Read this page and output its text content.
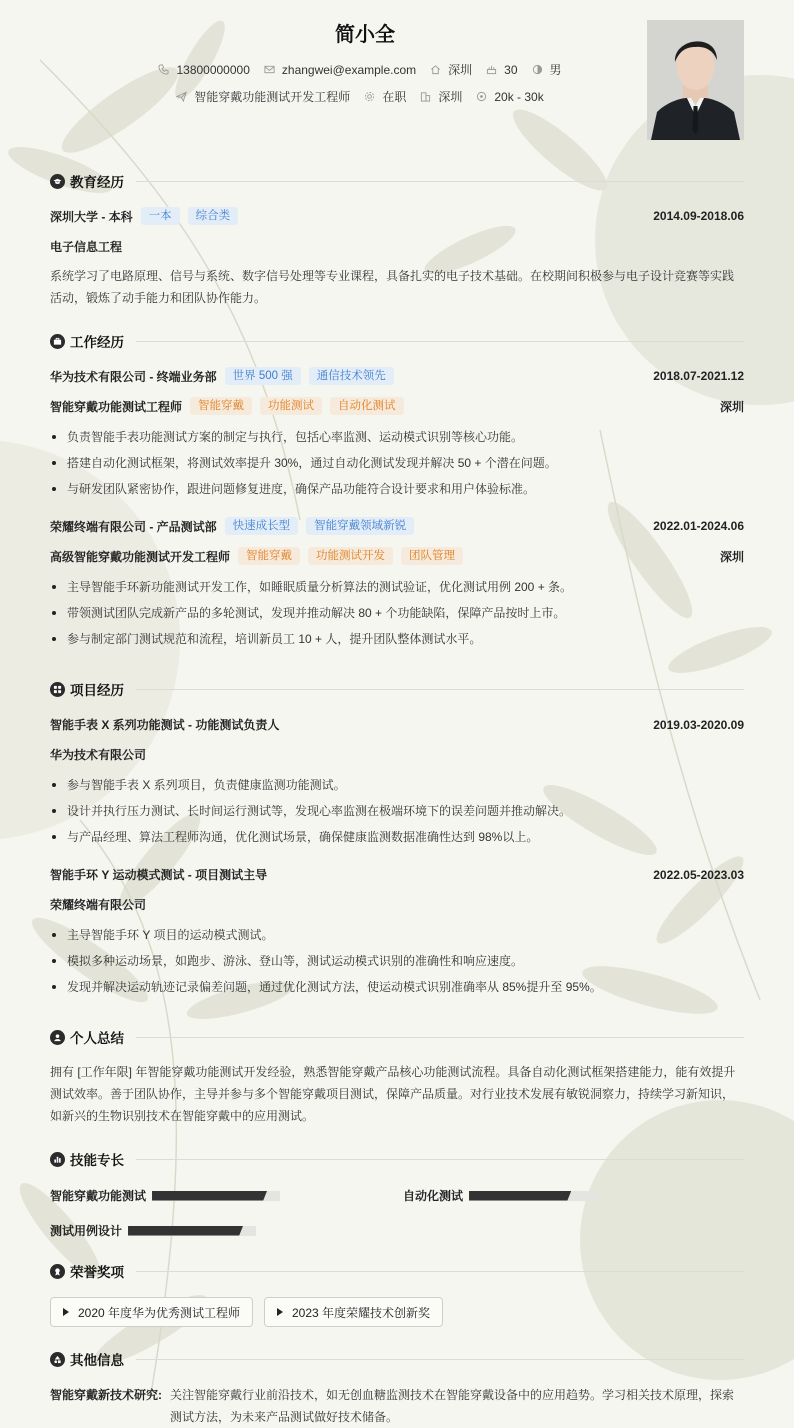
简小全
13800000000	zhangwei@example.com	深圳	30	男
智能穿戴功能测试开发工程师	在职	深圳	20k - 30k
教育经历
深圳大学 - 本科	一本	综合类	2014.09-2018.06
电子信息工程
系统学习了电路原理、信号与系统、数字信号处理等专业课程，具备扎实的电子技术基础。在校期间积极参与电子设计竞赛等实践活动，锻炼了动手能力和团队协作能力。
工作经历
华为技术有限公司 - 终端业务部	世界 500 强	通信技术领先	2018.07-2021.12
智能穿戴功能测试工程师	智能穿戴	功能测试	自动化测试	深圳
负责智能手表功能测试方案的制定与执行，包括心率监测、运动模式识别等核心功能。
搭建自动化测试框架，将测试效率提升 30%，通过自动化测试发现并解决 50 + 个潜在问题。
与研发团队紧密协作，跟进问题修复进度，确保产品功能符合设计要求和用户体验标准。
荣耀终端有限公司 - 产品测试部	快速成长型	智能穿戴领域新锐	2022.01-2024.06
高级智能穿戴功能测试开发工程师	智能穿戴	功能测试开发	团队管理	深圳
主导智能手环新功能测试开发工作，如睡眠质量分析算法的测试验证，优化测试用例 200 + 条。
带领测试团队完成新产品的多轮测试，发现并推动解决 80 + 个功能缺陷，保障产品按时上市。
参与制定部门测试规范和流程，培训新员工 10 + 人，提升团队整体测试水平。
项目经历
智能手表 X 系列功能测试 - 功能测试负责人	2019.03-2020.09
华为技术有限公司
参与智能手表 X 系列项目，负责健康监测功能测试。
设计并执行压力测试、长时间运行测试等，发现心率监测在极端环境下的误差问题并推动解决。
与产品经理、算法工程师沟通，优化测试场景，确保健康监测数据准确性达到 98%以上。
智能手环 Y 运动模式测试 - 项目测试主导	2022.05-2023.03
荣耀终端有限公司
主导智能手环 Y 项目的运动模式测试。
模拟多种运动场景，如跑步、游泳、登山等，测试运动模式识别的准确性和响应速度。
发现并解决运动轨迹记录偏差问题，通过优化测试方法，使运动模式识别准确率从 85%提升至 95%。
个人总结
拥有 [工作年限] 年智能穿戴功能测试开发经验，熟悉智能穿戴产品核心功能测试流程。具备自动化测试框架搭建能力，能有效提升测试效率。善于团队协作，主导并参与多个智能穿戴项目测试，保障产品质量。对行业技术发展有敏锐洞察力，持续学习新知识，如新兴的生物识别技术在智能穿戴中的应用测试。
技能专长
智能穿戴功能测试	自动化测试
测试用例设计
荣誉奖项
2020 年度华为优秀测试工程师	2023 年度荣耀技术创新奖
其他信息
智能穿戴新技术研究: 关注智能穿戴行业前沿技术，如无创血糖监测技术在智能穿戴设备中的应用趋势。学习相关技术原理，探索测试方法，为未来产品测试做好技术储备。
